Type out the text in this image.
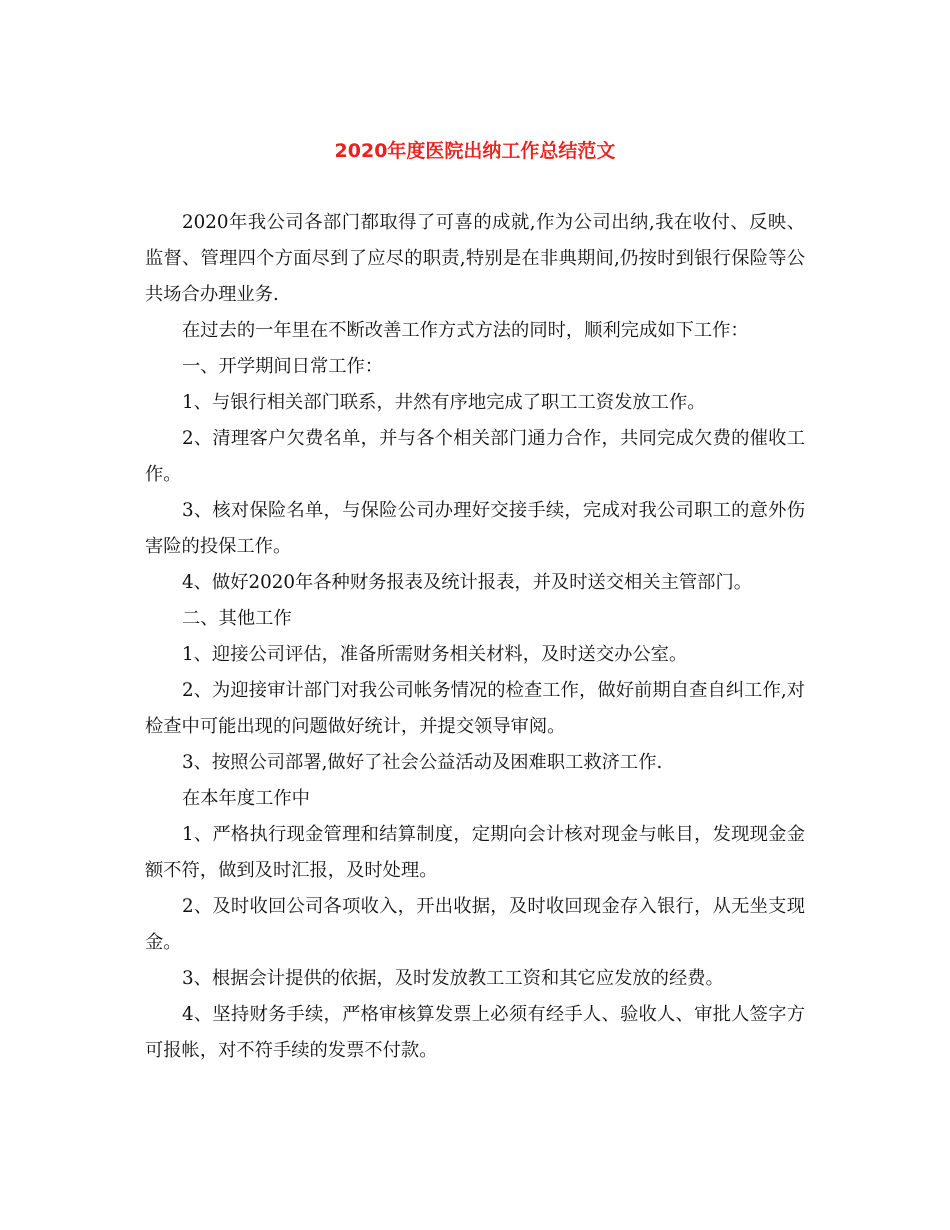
2020年度医院出纳工作总结范文

2020年我公司各部门都取得了可喜的成就,作为公司出纳,我在收付、反映、监督、管理四个方面尽到了应尽的职责,特别是在非典期间,仍按时到银行保险等公共场合办理业务.

在过去的一年里在不断改善工作方式方法的同时，顺利完成如下工作：

一、开学期间日常工作：

1、与银行相关部门联系，井然有序地完成了职工工资发放工作。

2、清理客户欠费名单，并与各个相关部门通力合作，共同完成欠费的催收工作。

3、核对保险名单，与保险公司办理好交接手续，完成对我公司职工的意外伤害险的投保工作。

4、做好2020年各种财务报表及统计报表，并及时送交相关主管部门。

二、其他工作

1、迎接公司评估，准备所需财务相关材料，及时送交办公室。

2、为迎接审计部门对我公司帐务情况的检查工作，做好前期自查自纠工作,对检查中可能出现的问题做好统计，并提交领导审阅。

3、按照公司部署,做好了社会公益活动及困难职工救济工作.

在本年度工作中

1、严格执行现金管理和结算制度，定期向会计核对现金与帐目，发现现金金额不符，做到及时汇报，及时处理。

2、及时收回公司各项收入，开出收据，及时收回现金存入银行，从无坐支现金。

3、根据会计提供的依据，及时发放教工工资和其它应发放的经费。

4、坚持财务手续，严格审核算发票上必须有经手人、验收人、审批人签字方可报帐，对不符手续的发票不付款。
